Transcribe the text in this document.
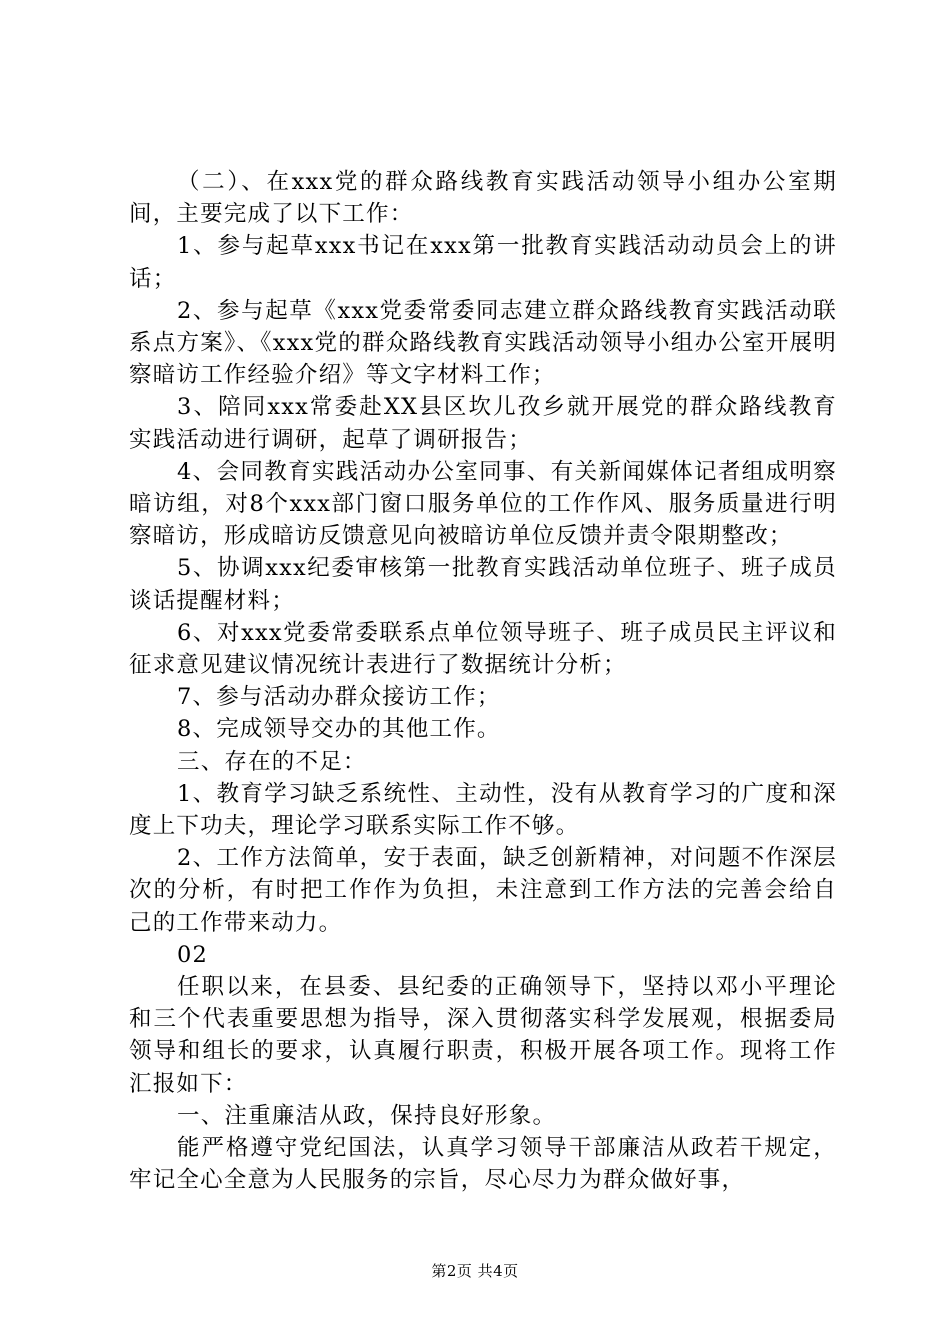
（二）、在xxx党的群众路线教育实践活动领导小组办公室期间，主要完成了以下工作：

1、参与起草xxx书记在xxx第一批教育实践活动动员会上的讲话；

2、参与起草《xxx党委常委同志建立群众路线教育实践活动联系点方案》、《xxx党的群众路线教育实践活动领导小组办公室开展明察暗访工作经验介绍》等文字材料工作；

3、陪同xxx常委赴XX县区坎儿孜乡就开展党的群众路线教育实践活动进行调研，起草了调研报告；

4、会同教育实践活动办公室同事、有关新闻媒体记者组成明察暗访组，对8个xxx部门窗口服务单位的工作作风、服务质量进行明察暗访，形成暗访反馈意见向被暗访单位反馈并责令限期整改；

5、协调xxx纪委审核第一批教育实践活动单位班子、班子成员谈话提醒材料；

6、对xxx党委常委联系点单位领导班子、班子成员民主评议和征求意见建议情况统计表进行了数据统计分析；

7、参与活动办群众接访工作；

8、完成领导交办的其他工作。

三、存在的不足：

1、教育学习缺乏系统性、主动性，没有从教育学习的广度和深度上下功夫，理论学习联系实际工作不够。

2、工作方法简单，安于表面，缺乏创新精神，对问题不作深层次的分析，有时把工作作为负担，未注意到工作方法的完善会给自己的工作带来动力。

02

任职以来，在县委、县纪委的正确领导下，坚持以邓小平理论和三个代表重要思想为指导，深入贯彻落实科学发展观，根据委局领导和组长的要求，认真履行职责，积极开展各项工作。现将工作汇报如下：

一、注重廉洁从政，保持良好形象。

能严格遵守党纪国法，认真学习领导干部廉洁从政若干规定，牢记全心全意为人民服务的宗旨，尽心尽力为群众做好事，

第2页 共4页
